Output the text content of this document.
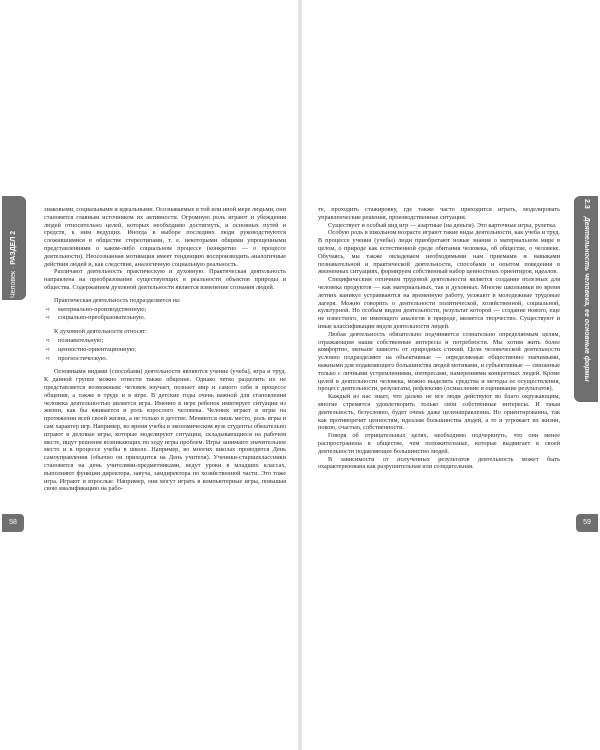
Человек · РАЗДЕЛ 2
2.3 Деятельность человека, ее основные формы
58	59

знаковыми, социальными и идеальными. Осознаваемые в той или иной мере людьми, они становятся главным источником их активности. Огромную роль играют и убеждения людей относительно целей, которых необходимо достигнуть, и основных путей и средств, к ним ведущих. Иногда в выборе последних люди руководствуются сложившимися в обществе стереотипами, т. е. некоторыми общими упрощенными представлениями о каком-либо социальном процессе (конкретно — о процессе деятельности). Неосознанная мотивация имеет тенденцию воспроизводить аналогичные действия людей и, как следствие, аналогичную социальную реальность.

Различают деятельность практическую и духовную. Практическая деятельность направлена на преобразование существующих в реальности объектов природы и общества. Содержанием духовной деятельности является изменение сознания людей.

Практическая деятельность подразделяется на:

➪ материально-производственную;
➪ социально-преобразовательную.

К духовной деятельности относят:

➪ познавательную;
➪ ценностно-ориентационную;
➪ прогностическую.

Основными видами (способами) деятельности являются учение (учеба), игра и труд. К данной группе можно отнести также общение. Однако четко разделить их не представляется возможным: человек изучает, познает мир и самого себя в процессе общения, а также в труде и в игре. В детские годы очень важной для становления человека деятельностью является игра. Именно в игре ребенок имитирует ситуации из жизни, как бы вживается в роль взрослого человека. Человек играет в игры на протяжении всей своей жизни, а не только в детстве. Меняются лишь место, роль игры и сам характер игр. Например, во время учебы в экономическом вузе студенты обязательно играют в деловые игры, которые моделируют ситуации, складывающиеся на рабочем месте, ищут решения возникающих по ходу игры проблем. Игры занимают значительное место и в процессе учебы в школе. Например, во многих школах проводится День самоуправления (обычно он приходится на День учителя). Ученики-старшеклассники становятся на день учителями-предметниками, ведут уроки в младших классах, выполняют функции директора, завуча, замдиректора по хозяйственной части. Это тоже игра. Играют и взрослые. Например, они могут играть в компьютерные игры, повышая свою квалификацию на рабо-

те, проходить стажировку, где также часто приходится играть, моделировать управленческие решения, производственные ситуации.

Существует и особый вид игр — азартные (на деньги). Это карточные игры, рулетка.

Особую роль в школьном возрасте играют такие виды деятельности, как учеба и труд. В процессе учения (учебы) люди приобретают новые знания о материальном мире в целом, о природе как естественной среде обитания человека, об обществе, о человеке. Обучаясь, мы также овладеваем необходимыми нам приемами и навыками познавательной и практической деятельности, способами и опытом поведения в жизненных ситуациях, формируем собственный набор ценностных ориентиров, идеалов.

Специфическим отличием трудовой деятельности является создание полезных для человека продуктов — как материальных, так и духовных. Многие школьники во время летних каникул устраиваются на временную работу, уезжают в молодежные трудовые лагеря. Можно говорить о деятельности политической, хозяйственной, социальной, культурной. Но особым видом деятельности, результат которой — создание нового, еще не известного, не имеющего аналогов в природе, является творчество. Существуют и иные классификации видов деятельности людей.

Любая деятельность обязательно подчиняется сознательно определяемым целям, отражающим наши собственные интересы и потребности. Мы хотим жить более комфортно, меньше зависеть от природных стихий. Цели человеческой деятельности условно подразделяют на объективные — определяемые общественно значимыми, важными для подавляющего большинства людей мотивами, и субъективные — связанные только с личными устремлениями, интересами, намерениями конкретных людей. Кроме целей в деятельности человека, можно выделить средства и методы ее осуществления, процесс деятельности, результаты, рефлексию (осмысление и оценивание результатов).

Каждый из нас знает, что далеко не все люди действуют во благо окружающим, многие стремятся удовлетворить только свои собственные интересы. И такая деятельность, безусловно, будет очень даже целенаправленна. Но ориентированна, так как противоречит ценностям, идеалам большинства людей, а то и угрожает их жизни, покою, счастью, собственности.

Говоря об отрицательных целях, необходимо подчеркнуть, что они менее распространены в обществе, чем положительные, которые выдвигает в своей деятельности подавляющее большинство людей.

В зависимости от полученных результатов деятельность может быть охарактеризована как разрушительная или созидательная.
